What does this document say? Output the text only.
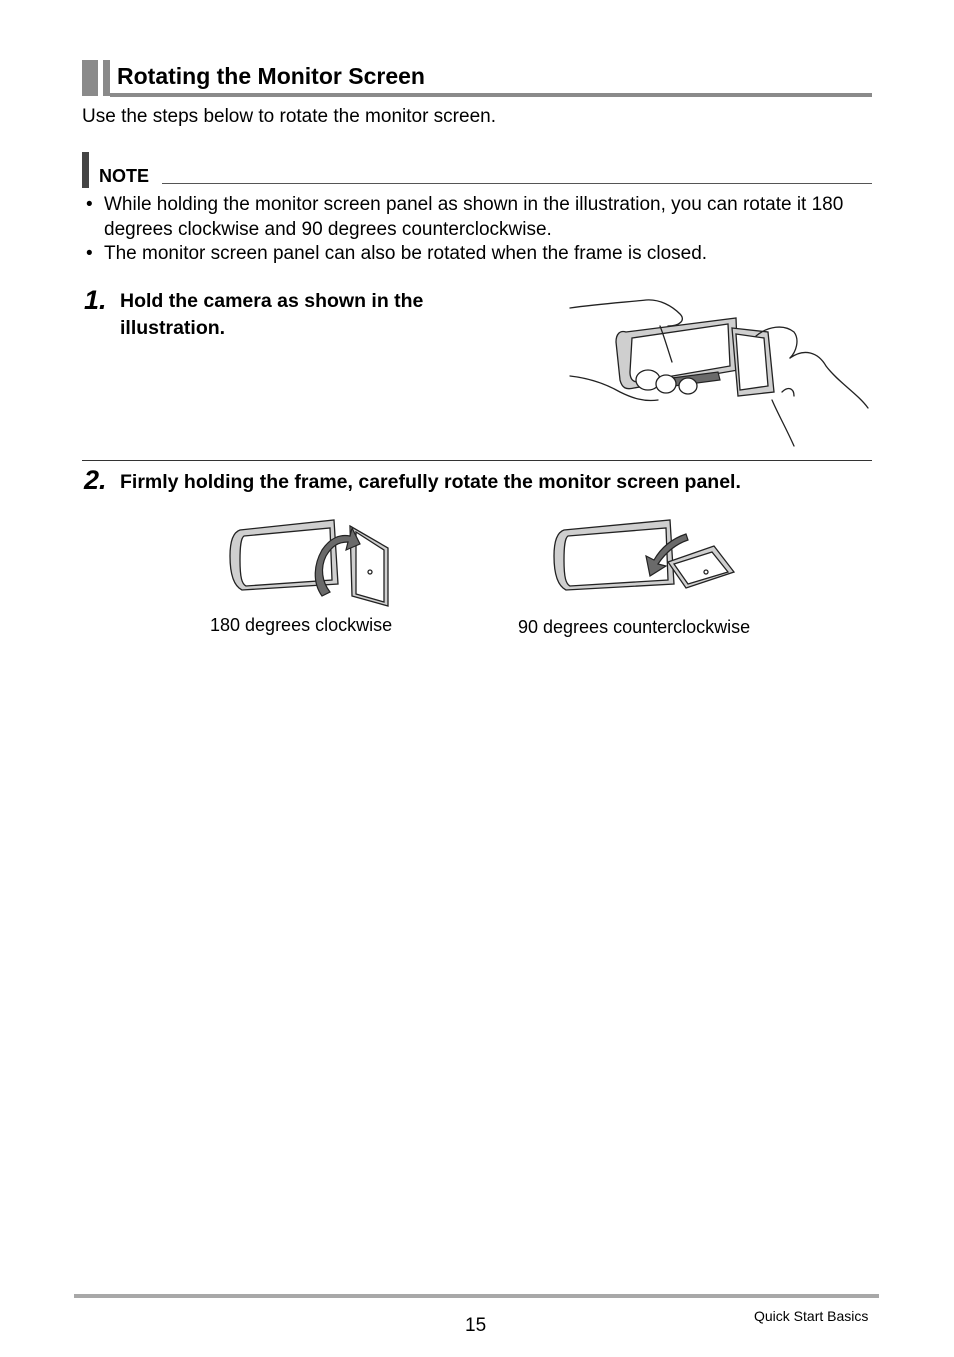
Rotating the Monitor Screen
Use the steps below to rotate the monitor screen.
NOTE
• While holding the monitor screen panel as shown in the illustration, you can rotate it 180 degrees clockwise and 90 degrees counterclockwise.
• The monitor screen panel can also be rotated when the frame is closed.
1. Hold the camera as shown in the illustration.
2. Firmly holding the frame, carefully rotate the monitor screen panel.
180 degrees clockwise	90 degrees counterclockwise
15	Quick Start Basics
